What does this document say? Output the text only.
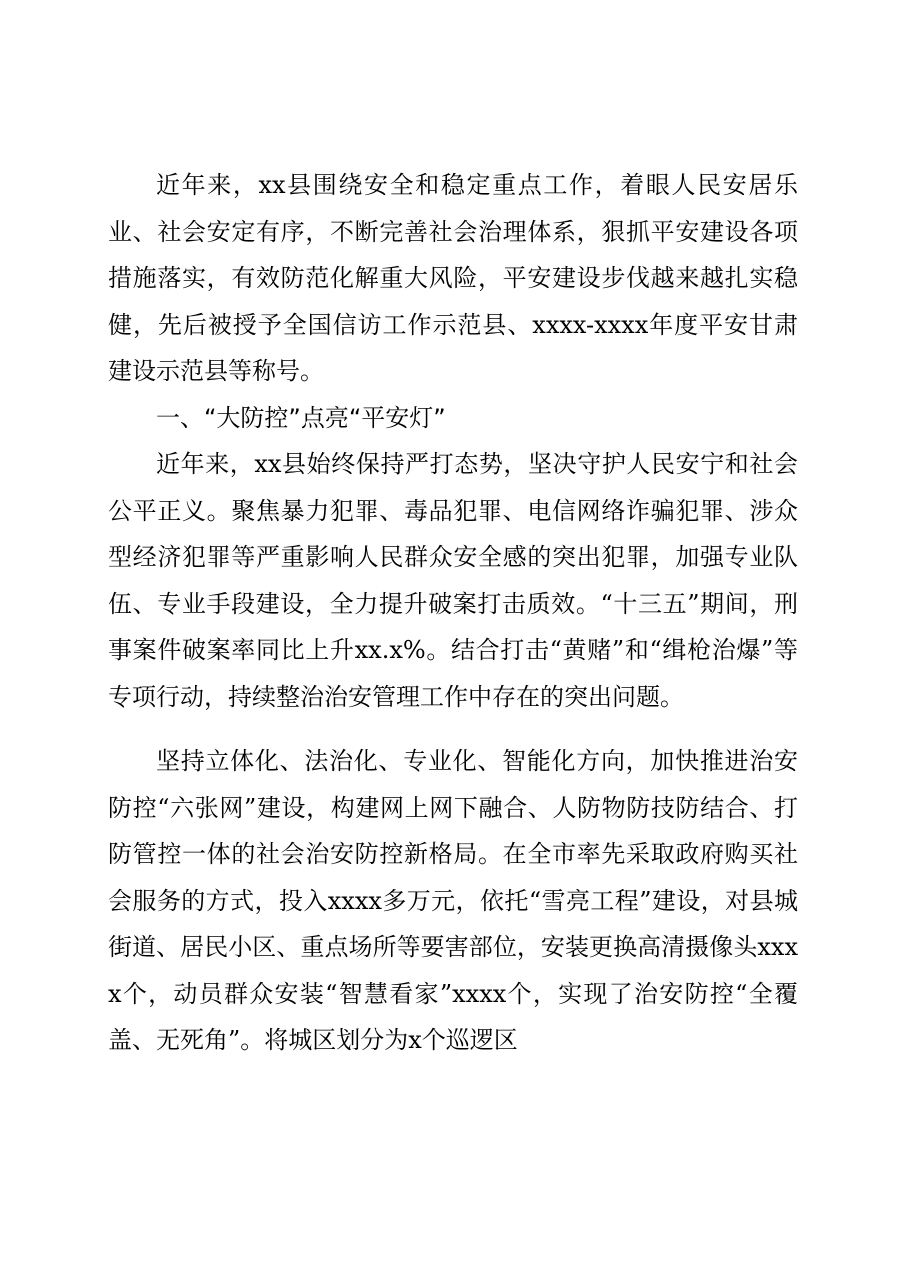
近年来，xx县围绕安全和稳定重点工作，着眼人民安居乐业、社会安定有序，不断完善社会治理体系，狠抓平安建设各项措施落实，有效防范化解重大风险，平安建设步伐越来越扎实稳健，先后被授予全国信访工作示范县、xxxx-xxxx年度平安甘肃建设示范县等称号。

一、“大防控”点亮“平安灯”

近年来，xx县始终保持严打态势，坚决守护人民安宁和社会公平正义。聚焦暴力犯罪、毒品犯罪、电信网络诈骗犯罪、涉众型经济犯罪等严重影响人民群众安全感的突出犯罪，加强专业队伍、专业手段建设，全力提升破案打击质效。“十三五”期间，刑事案件破案率同比上升xx.x%。结合打击“黄赌”和“缉枪治爆”等专项行动，持续整治治安管理工作中存在的突出问题。

坚持立体化、法治化、专业化、智能化方向，加快推进治安防控“六张网”建设，构建网上网下融合、人防物防技防结合、打防管控一体的社会治安防控新格局。在全市率先采取政府购买社会服务的方式，投入xxxx多万元，依托“雪亮工程”建设，对县城街道、居民小区、重点场所等要害部位，安装更换高清摄像头xxxx个，动员群众安装“智慧看家”xxxx个，实现了治安防控“全覆盖、无死角”。将城区划分为x个巡逻区
